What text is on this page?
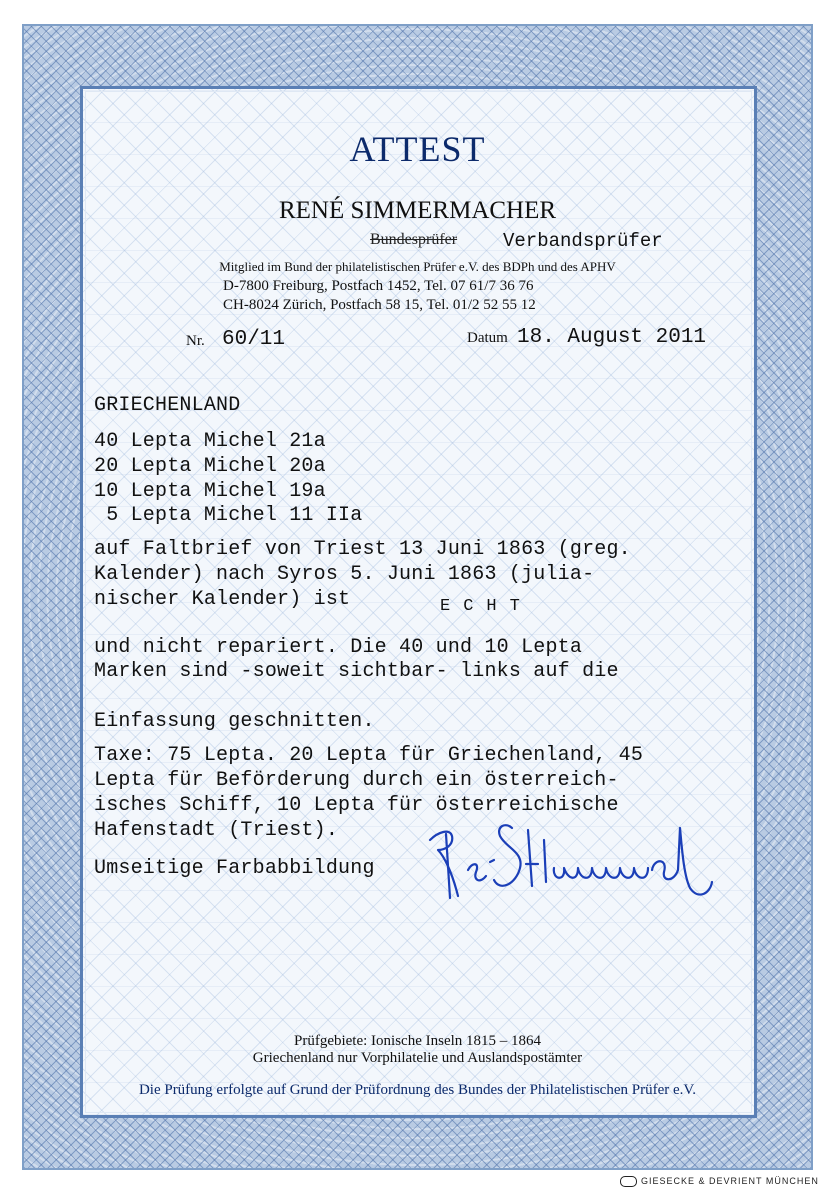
ATTEST
RENÉ SIMMERMACHER
Bundesprüfer Verbandsprüfer
Mitglied im Bund der philatelistischen Prüfer e.V. des BDPh und des APHV
D-7800 Freiburg, Postfach 1452, Tel. 07 61/7 36 76
CH-8024 Zürich, Postfach 58 15, Tel. 01/2 52 55 12
Nr. 60/11	Datum 18. August 2011
GRIECHENLAND
40 Lepta Michel 21a
20 Lepta Michel 20a
10 Lepta Michel 19a
5 Lepta Michel 11 IIa
auf Faltbrief von Triest 13 Juni 1863 (greg.
Kalender) nach Syros 5. Juni 1863 (julia-
nischer Kalender) ist	ECHT
und nicht repariert. Die 40 und 10 Lepta
Marken sind -soweit sichtbar- links auf die
Einfassung geschnitten.
Taxe: 75 Lepta. 20 Lepta für Griechenland, 45
Lepta für Beförderung durch ein österreich-
isches Schiff, 10 Lepta für österreichische
Hafenstadt (Triest).
Umseitige Farbabbildung
Prüfgebiete: Ionische Inseln 1815 – 1864
Griechenland nur Vorphilatelie und Auslandspostämter
Die Prüfung erfolgte auf Grund der Prüfordnung des Bundes der Philatelistischen Prüfer e.V.
GIESECKE & DEVRIENT MÜNCHEN
